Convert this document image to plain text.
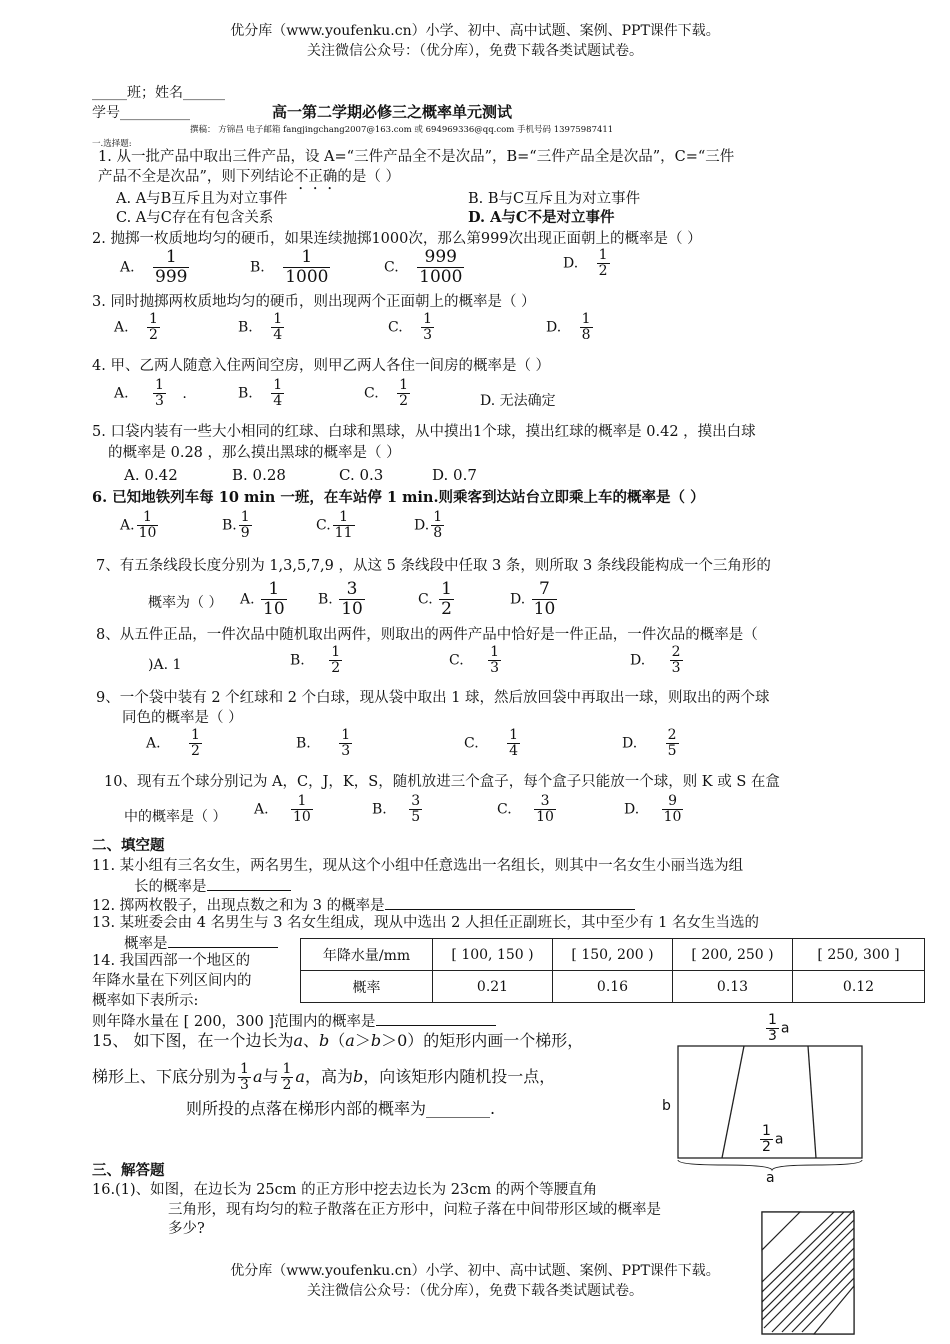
优分库（www.youfenku.cn）小学、初中、高中试题、案例、PPT课件下载。
关注微信公众号：（优分库），免费下载各类试题试卷。
_____班；姓名______
学号__________	高一第二学期必修三之概率单元测试
撰稿： 方锦昌 电子邮箱 fangjingchang2007@163.com 或 694969336@qq.com 手机号码 13975987411
一.选择题:
1. 从一批产品中取出三件产品，设 A=“三件产品全不是次品”，B=“三件产品全是次品”，C=“三件
产品不全是次品”，则下列结论不正确的是（ ）
A. A与B互斥且为对立事件	B. B与C互斥且为对立事件
C. A与C存在有包含关系	D. A与C不是对立事件
2. 抛掷一枚质地均匀的硬币，如果连续抛掷1000次，那么第999次出现正面朝上的概率是（ ）
A. $\frac{1}{999}$	B. $\frac{1}{1000}$	C. $\frac{999}{1000}$	D. $\frac{1}{2}$
3. 同时抛掷两枚质地均匀的硬币，则出现两个正面朝上的概率是（ ）
A. $\frac{1}{2}$	B. $\frac{1}{4}$	C. $\frac{1}{3}$	D. $\frac{1}{8}$
4. 甲、乙两人随意入住两间空房，则甲乙两人各住一间房的概率是（ ）
A. $\frac{1}{3}$ .	B. $\frac{1}{4}$	C. $\frac{1}{2}$	D. 无法确定
5. 口袋内装有一些大小相同的红球、白球和黑球，从中摸出1个球，摸出红球的概率是 0.42 ，摸出白球
的概率是 0.28 ，那么摸出黑球的概率是（ ）
A. 0.42	B. 0.28	C. 0.3	D. 0.7
6. 已知地铁列车每 10 min 一班，在车站停 1 min.则乘客到达站台立即乘上车的概率是（ ）
A. $\frac{1}{10}$	B. $\frac{1}{9}$	C. $\frac{1}{11}$	D. $\frac{1}{8}$
7、有五条线段长度分别为 1,3,5,7,9 ，从这 5 条线段中任取 3 条，则所取 3 条线段能构成一个三角形的
概率为（ ） A. $\frac{1}{10} B$. $\frac{3}{10}$	C. $\frac{1}{2}$	D. $\frac{7}{10}$
8、从五件正品，一件次品中随机取出两件，则取出的两件产品中恰好是一件正品，一件次品的概率是（
)A. 1	B. $\frac{1}{2}$	C. $\frac{1}{3}$	D. $\frac{2}{3}$
9、一个袋中装有 2 个红球和 2 个白球，现从袋中取出 1 球，然后放回袋中再取出一球，则取出的两个球
同色的概率是（ ）
A. $\frac{1}{2}$	B. $\frac{1}{3}$	C. $\frac{1}{4}$	D. $\frac{2}{5}$
10、现有五个球分别记为 A，C，J，K，S，随机放进三个盒子，每个盒子只能放一个球，则 K 或 S 在盒
中的概率是（ ） A. $\frac{1}{10}$	B. $\frac{3}{5}$	C. $\frac{3}{10}$	D. $\frac{9}{10}$
二、填空题
11. 某小组有三名女生，两名男生，现从这个小组中任意选出一名组长，则其中一名女生小丽当选为组
长的概率是
12. 掷两枚骰子，出现点数之和为 3 的概率是
13. 某班委会由 4 名男生与 3 名女生组成，现从中选出 2 人担任正副班长，其中至少有 1 名女生当选的
概率是
14. 我国西部一个地区的
年降水量在下列区间内的
概率如下表所示:
年降水量/mm	[ 100, 150 )	[ 150, 200 )	[ 200, 250 )	[ 250, 300 ]
概率	0.21	0.16	0.13	0.12
则年降水量在 [ 200，300 ]范围内的概率是
15、 如下图，在一个边长为a、b（a＞b＞0）的矩形内画一个梯形，
梯形上、下底分别为 $\frac{1}{3}$ a与 $\frac{1}{2}$ a，高为b，向该矩形内随机投一点，
则所投的点落在梯形内部的概率为________.
$\frac{1}{3}$ a
b
$\frac{1}{2}$ a
a
三、解答题
16.(1)、如图，在边长为 25cm 的正方形中挖去边长为 23cm 的两个等腰直角
三角形，现有均匀的粒子散落在正方形中，问粒子落在中间带形区域的概率是
多少?
优分库（www.youfenku.cn）小学、初中、高中试题、案例、PPT课件下载。
关注微信公众号：（优分库），免费下载各类试题试卷。
